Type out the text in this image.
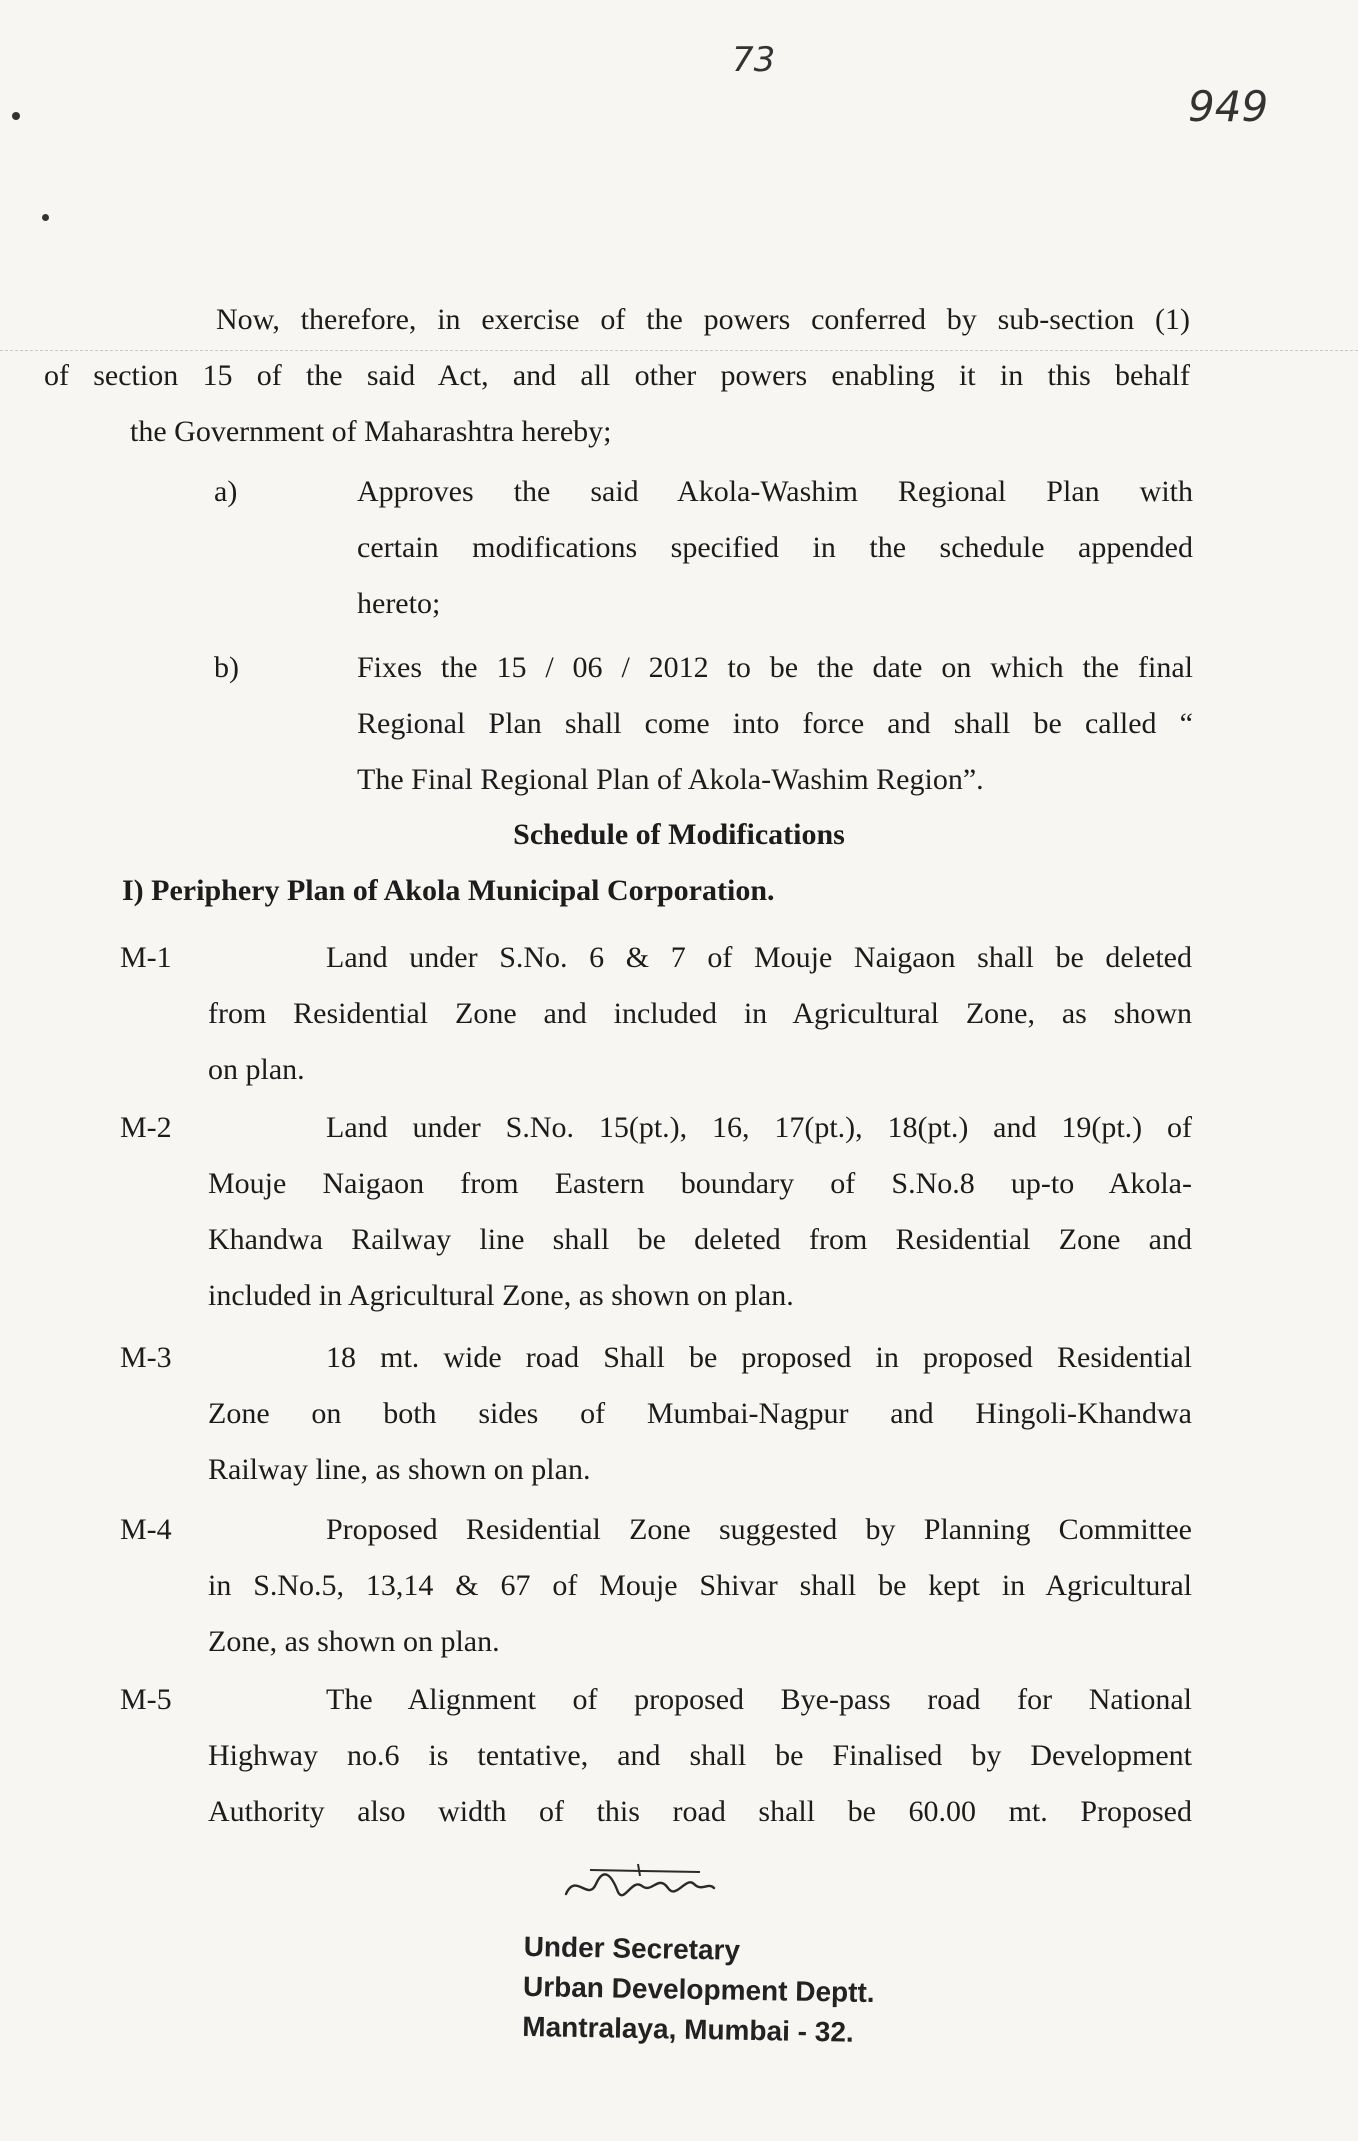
73
949
Now, therefore, in exercise of the powers conferred by sub-section (1)
of section 15 of the said Act, and all other powers enabling it in this behalf
the Government of Maharashtra hereby;
a)	Approves the said Akola-Washim Regional Plan with
certain modifications specified in the schedule appended
hereto;
b)	Fixes the 15 / 06 / 2012 to be the date on which the final
Regional Plan shall come into force and shall be called “
The Final Regional Plan of Akola-Washim Region”.
Schedule of Modifications
I) Periphery Plan of Akola Municipal Corporation.
M-1	Land under S.No. 6 & 7 of Mouje Naigaon shall be deleted
from Residential Zone and included in Agricultural Zone, as shown
on plan.
M-2	Land under S.No. 15(pt.), 16, 17(pt.), 18(pt.) and 19(pt.) of
Mouje Naigaon from Eastern boundary of S.No.8 up-to Akola-
Khandwa Railway line shall be deleted from Residential Zone and
included in Agricultural Zone, as shown on plan.
M-3	18 mt. wide road Shall be proposed in proposed Residential
Zone on both sides of Mumbai-Nagpur and Hingoli-Khandwa
Railway line, as shown on plan.
M-4	Proposed Residential Zone suggested by Planning Committee
in S.No.5, 13,14 & 67 of Mouje Shivar shall be kept in Agricultural
Zone, as shown on plan.
M-5	The Alignment of proposed Bye-pass road for National
Highway no.6 is tentative, and shall be Finalised by Development
Authority also width of this road shall be 60.00 mt. Proposed
Under Secretary
Urban Development Deptt.
Mantralaya, Mumbai - 32.
